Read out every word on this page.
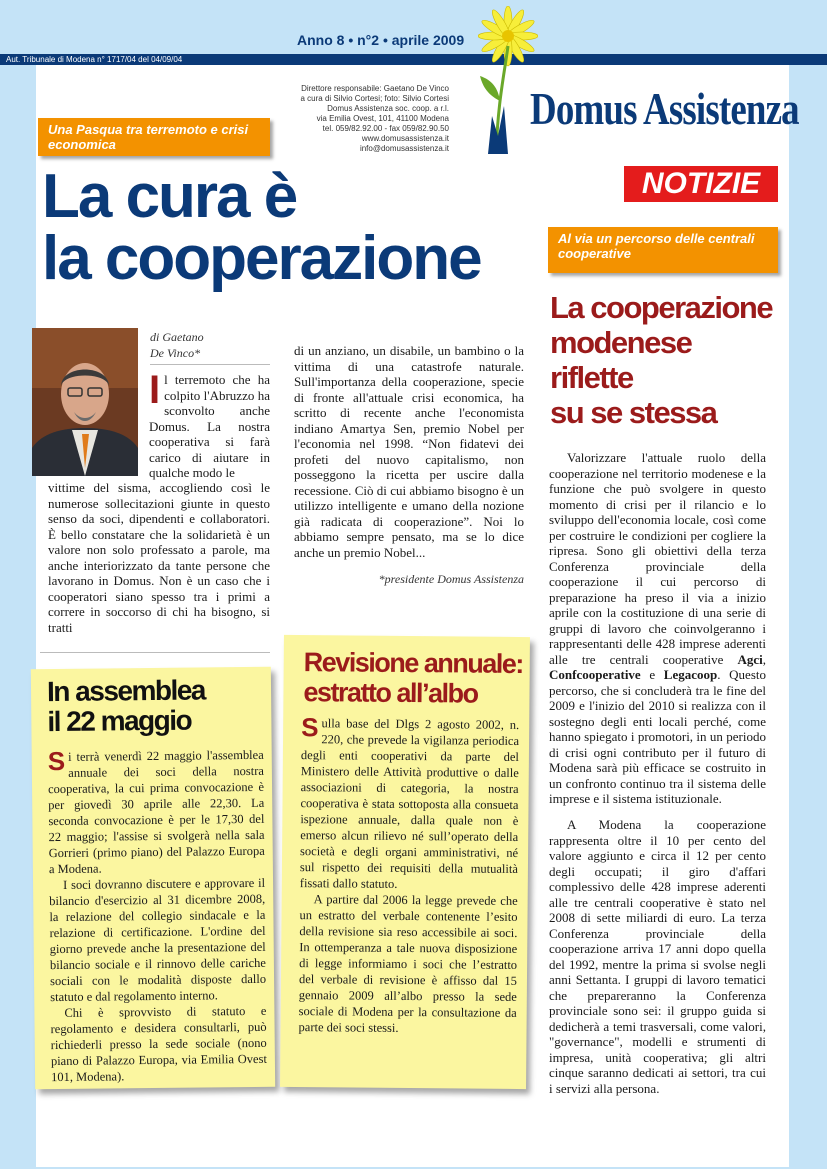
Aut. Tribunale di Modena n° 1717/04 del 04/09/04
Anno 8 • n°2 • aprile 2009
Direttore responsabile: Gaetano De Vinco
a cura di Silvio Cortesi; foto: Silvio Cortesi
Domus Assistenza soc. coop. a r.l.
via Emilia Ovest, 101, 41100 Modena
tel. 059/82.92.00 - fax 059/82.90.50
www.domusassistenza.it
info@domusassistenza.it
Domus Assistenza
NOTIZIE
Una Pasqua tra terremoto e crisi economica
La cura è
la cooperazione	Al via un percorso delle centrali cooperative
La cooperazione
modenese
riflette
su se stessa
di Gaetano
De Vinco*
Il terremoto che ha colpito l'Abruzzo ha sconvolto anche Domus. La nostra cooperativa si farà carico di aiutare in qualche modo le
vittime del sisma, accogliendo così le numerose sollecitazioni giunte in questo senso da soci, dipendenti e collaboratori. È bello constatare che la solidarietà è un valore non solo professato a parole, ma anche interiorizzato da tante persone che lavorano in Domus. Non è un caso che i cooperatori siano spesso tra i primi a correre in soccorso di chi ha bisogno, si tratti
di un anziano, un disabile, un bambino o la vittima di una catastrofe naturale. Sull'importanza della cooperazione, specie di fronte all'attuale crisi economica, ha scritto di recente anche l'economista indiano Amartya Sen, premio Nobel per l'economia nel 1998. “Non fidatevi dei profeti del nuovo capitalismo, non posseggono la ricetta per uscire dalla recessione. Ciò di cui abbiamo bisogno è un utilizzo intelligente e umano della nozione già radicata di cooperazione”. Noi lo abbiamo sempre pensato, ma se lo dice anche un premio Nobel...
*presidente Domus Assistenza
Valorizzare l'attuale ruolo della cooperazione nel territorio modenese e la funzione che può svolgere in questo momento di crisi per il rilancio e lo sviluppo dell'economia locale, così come per costruire le condizioni per cogliere la ripresa. Sono gli obiettivi della terza Conferenza provinciale della cooperazione il cui percorso di preparazione ha preso il via a inizio aprile con la costituzione di una serie di gruppi di lavoro che coinvolgeranno i rappresentanti delle 428 imprese aderenti alle tre centrali cooperative Agci, Confcooperative e Legacoop. Questo percorso, che si concluderà tra le fine del 2009 e l'inizio del 2010 si realizza con il sostegno degli enti locali perché, come hanno spiegato i promotori, in un periodo di crisi ogni contributo per il futuro di Modena sarà più efficace se costruito in un confronto continuo tra il sistema delle imprese e il sistema istituzionale.
A Modena la cooperazione rappresenta oltre il 10 per cento del valore aggiunto e circa il 12 per cento degli occupati; il giro d'affari complessivo delle 428 imprese aderenti alle tre centrali cooperative è stato nel 2008 di sette miliardi di euro. La terza Conferenza provinciale della cooperazione arriva 17 anni dopo quella del 1992, mentre la prima si svolse negli anni Settanta. I gruppi di lavoro tematici che prepareranno la Conferenza provinciale sono sei: il gruppo guida si dedicherà a temi trasversali, come valori, "governance", modelli e strumenti di impresa, unità cooperativa; gli altri cinque saranno dedicati ai settori, tra cui i servizi alla persona.
In assemblea
il 22 maggio

Si terrà venerdì 22 maggio l'assemblea annuale dei soci della nostra cooperativa, la cui prima convocazione è per giovedì 30 aprile alle 22,30. La seconda convocazione è per le 17,30 del 22 maggio; l'assise si svolgerà nella sala Gorrieri (primo piano) del Palazzo Europa a Modena.

I soci dovranno discutere e approvare il bilancio d'esercizio al 31 dicembre 2008, la relazione del collegio sindacale e la relazione di certificazione. L'ordine del giorno prevede anche la presentazione del bilancio sociale e il rinnovo delle cariche sociali con le modalità disposte dallo statuto e dal regolamento interno.

Chi è sprovvisto di statuto e regolamento e desidera consultarli, può richiederli presso la sede sociale (nono piano di Palazzo Europa, via Emilia Ovest 101, Modena).

Revisione annuale:
estratto all’albo

Sulla base del Dlgs 2 agosto 2002, n. 220, che prevede la vigilanza periodica degli enti cooperativi da parte del Ministero delle Attività produttive o dalle associazioni di categoria, la nostra cooperativa è stata sottoposta alla consueta ispezione annuale, dalla quale non è emerso alcun rilievo né sull’operato della società e degli organi amministrativi, né sul rispetto dei requisiti della mutualità fissati dallo statuto.

A partire dal 2006 la legge prevede che un estratto del verbale contenente l’esito della revisione sia reso accessibile ai soci. In ottemperanza a tale nuova disposizione di legge informiamo i soci che l’estratto del verbale di revisione è affisso dal 15 gennaio 2009 all’albo presso la sede sociale di Modena per la consultazione da parte dei soci stessi.
